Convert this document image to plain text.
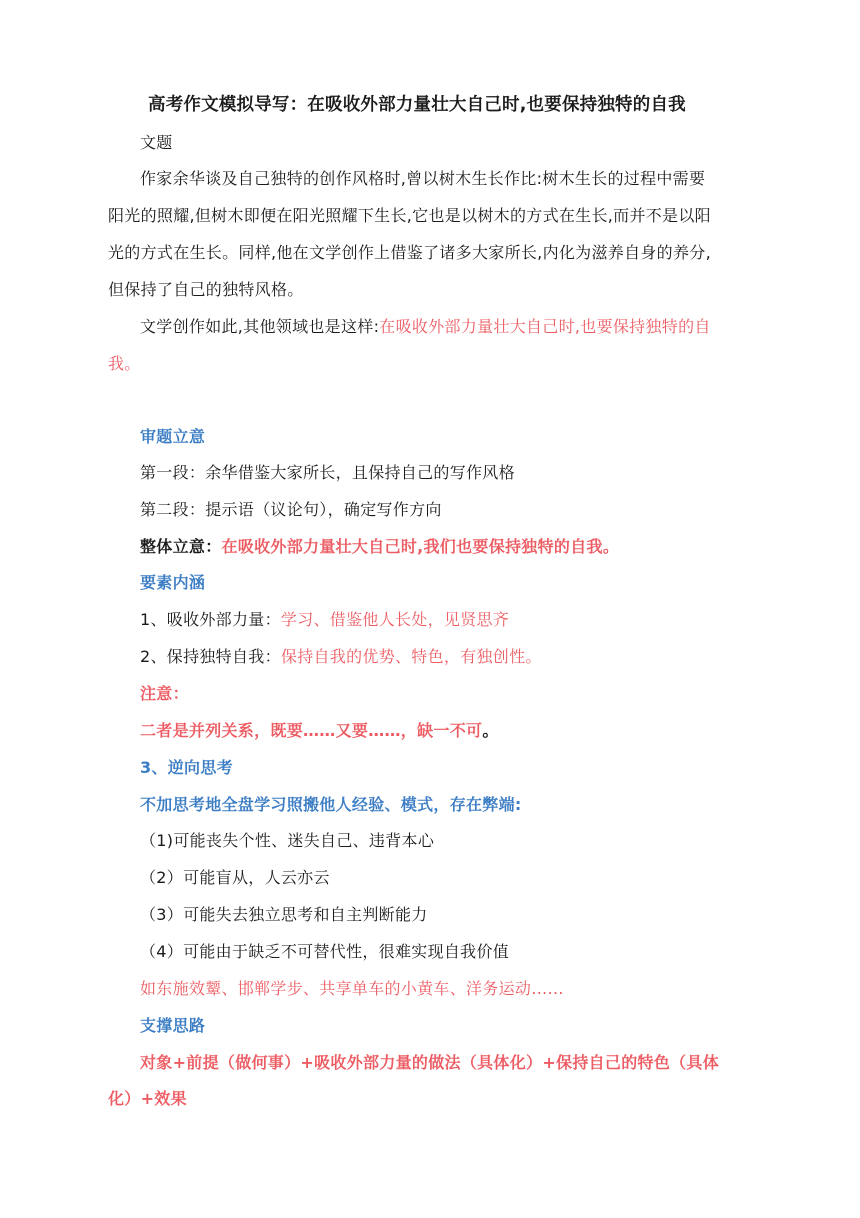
高考作文模拟导写：在吸收外部力量壮大自己时,也要保持独特的自我
文题
作家余华谈及自己独特的创作风格时,曾以树木生长作比:树木生长的过程中需要
阳光的照耀,但树木即便在阳光照耀下生长,它也是以树木的方式在生长,而并不是以阳
光的方式在生长。同样,他在文学创作上借鉴了诸多大家所长,内化为滋养自身的养分,
但保持了自己的独特风格。
文学创作如此,其他领域也是这样:在吸收外部力量壮大自己时,也要保持独特的自
我。
审题立意
第一段：余华借鉴大家所长，且保持自己的写作风格
第二段：提示语（议论句），确定写作方向
整体立意：在吸收外部力量壮大自己时,我们也要保持独特的自我。
要素内涵
1、吸收外部力量：学习、借鉴他人长处，见贤思齐
2、保持独特自我：保持自我的优势、特色，有独创性。
注意：
二者是并列关系，既要……又要……，缺一不可。
3、逆向思考
不加思考地全盘学习照搬他人经验、模式，存在弊端:
（1)可能丧失个性、迷失自己、违背本心
（2）可能盲从，人云亦云
（3）可能失去独立思考和自主判断能力
（4）可能由于缺乏不可替代性，很难实现自我价值
如东施效颦、邯郸学步、共享单车的小黄车、洋务运动……
支撑思路
对象+前提（做何事）+吸收外部力量的做法（具体化）+保持自己的特色（具体
化）+效果
